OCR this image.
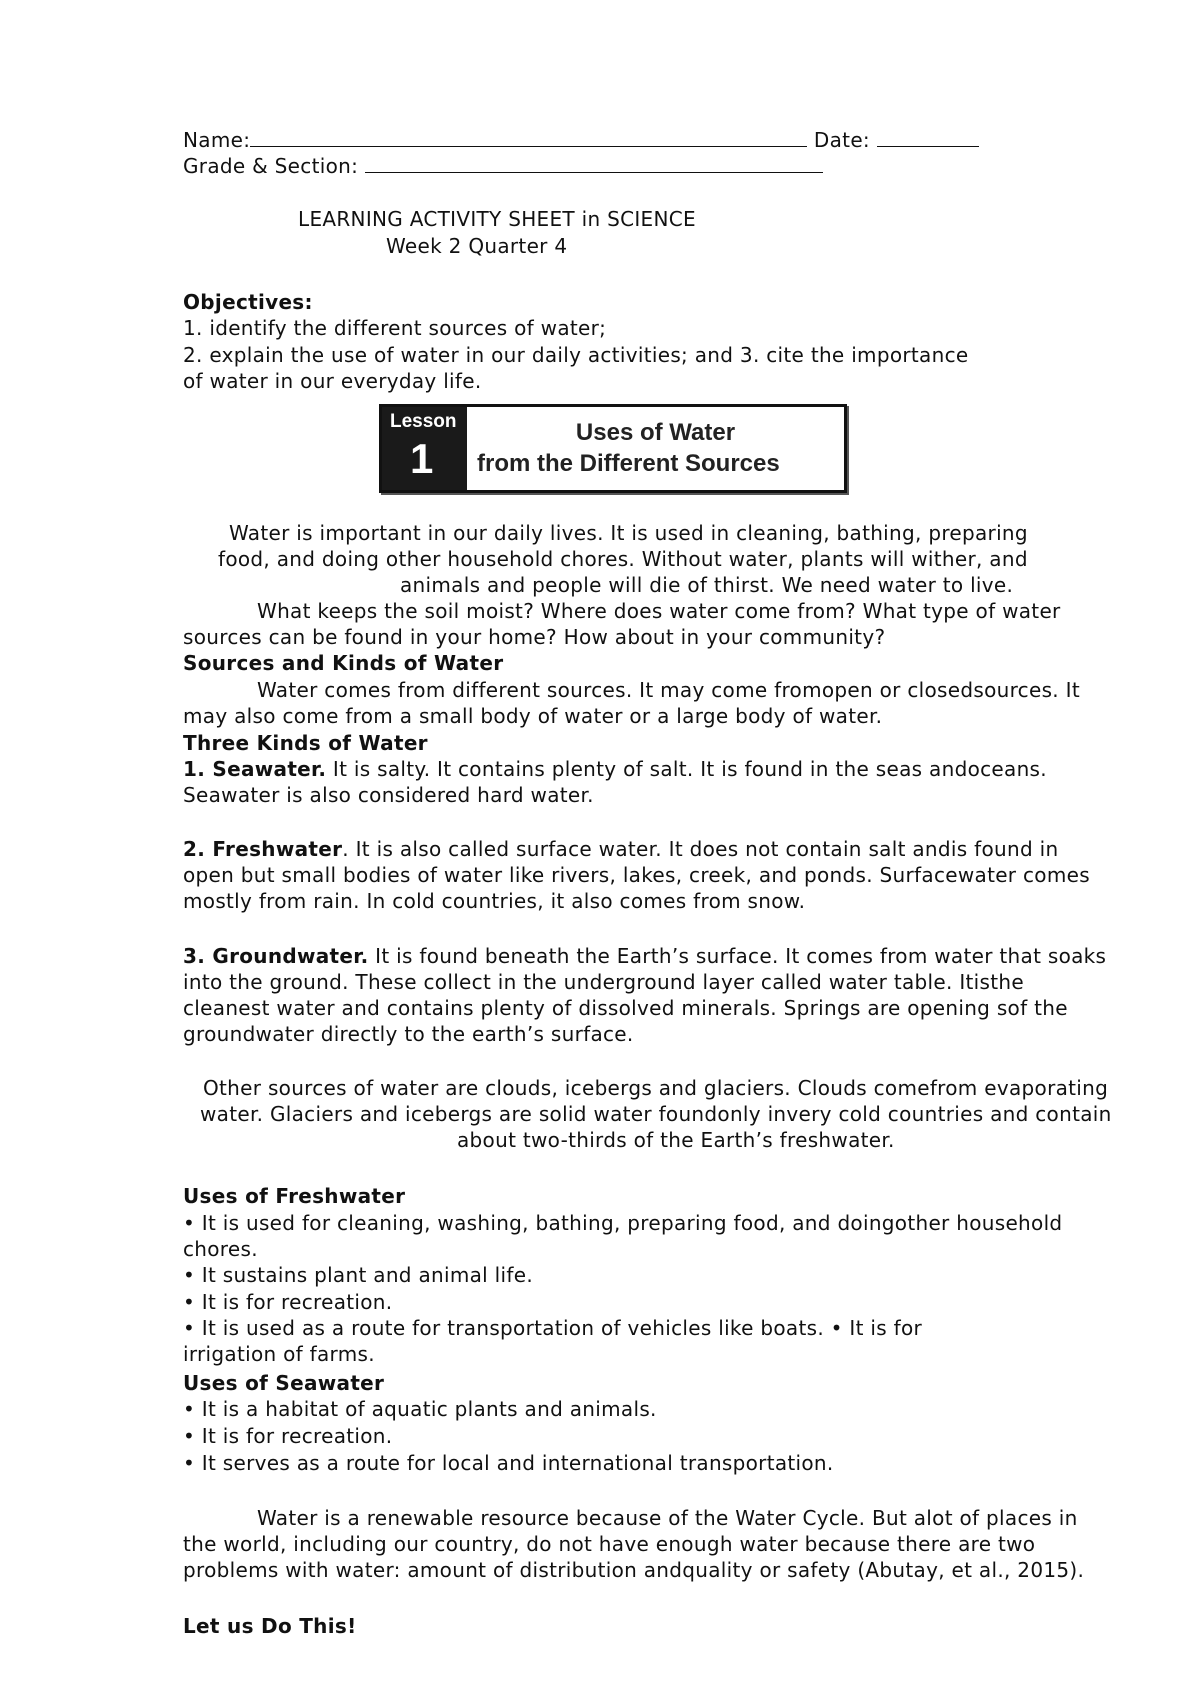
Name:	Date:
Grade & Section:
LEARNING ACTIVITY SHEET in SCIENCE
Week 2 Quarter 4
Objectives:
1. identify the different sources of water;
2. explain the use of water in our daily activities; and 3. cite the importance
of water in our everyday life.
Lesson
1
Uses of Water
from the Different Sources
Water is important in our daily lives. It is used in cleaning, bathing, preparing
food, and doing other household chores. Without water, plants will wither, and
animals and people will die of thirst. We need water to live.
What keeps the soil moist? Where does water come from? What type of water
sources can be found in your home? How about in your community?
Sources and Kinds of Water
Water comes from different sources. It may come fromopen or closedsources. It
may also come from a small body of water or a large body of water.
Three Kinds of Water
1. Seawater. It is salty. It contains plenty of salt. It is found in the seas andoceans.
Seawater is also considered hard water.
2. Freshwater. It is also called surface water. It does not contain salt andis found in
open but small bodies of water like rivers, lakes, creek, and ponds. Surfacewater comes
mostly from rain. In cold countries, it also comes from snow.
3. Groundwater. It is found beneath the Earth’s surface. It comes from water that soaks
into the ground. These collect in the underground layer called water table. Itisthe
cleanest water and contains plenty of dissolved minerals. Springs are opening sof the
groundwater directly to the earth’s surface.
Other sources of water are clouds, icebergs and glaciers. Clouds comefrom evaporating
water. Glaciers and icebergs are solid water foundonly invery cold countries and contain
about two-thirds of the Earth’s freshwater.
Uses of Freshwater
• It is used for cleaning, washing, bathing, preparing food, and doingother household
chores.
• It sustains plant and animal life.
• It is for recreation.
• It is used as a route for transportation of vehicles like boats. • It is for
irrigation of farms.
Uses of Seawater
• It is a habitat of aquatic plants and animals.
• It is for recreation.
• It serves as a route for local and international transportation.
Water is a renewable resource because of the Water Cycle. But alot of places in
the world, including our country, do not have enough water because there are two
problems with water: amount of distribution andquality or safety (Abutay, et al., 2015).
Let us Do This!
